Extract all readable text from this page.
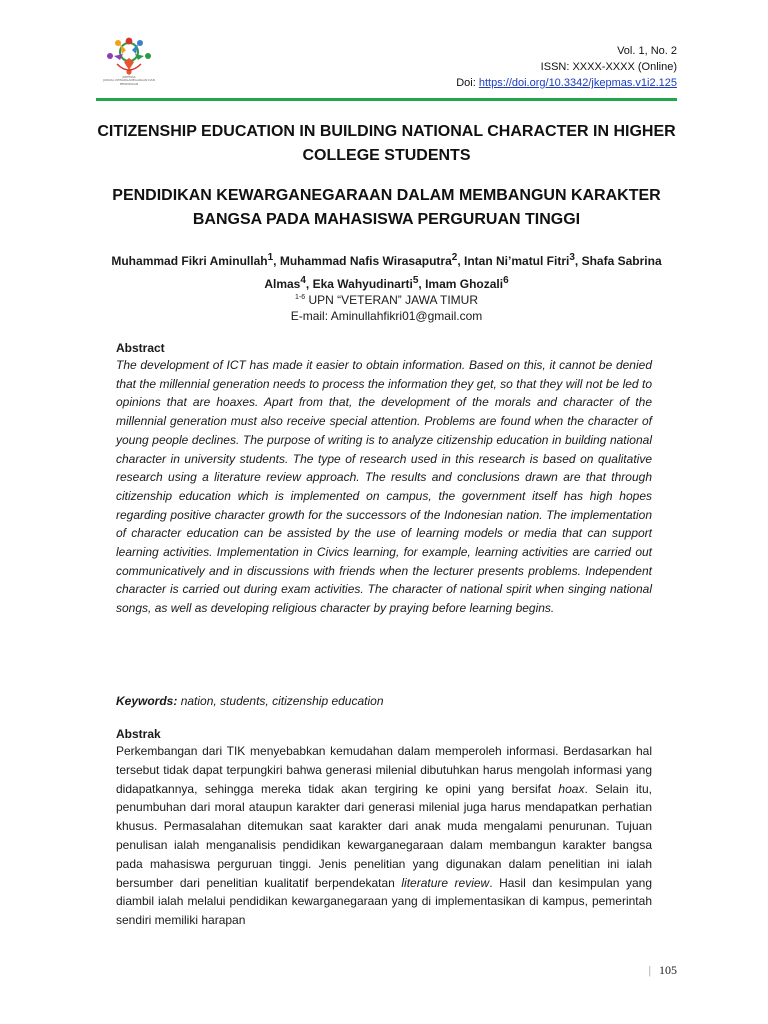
JKEPMAS
JURNAL KEWARGANEGARAAN DAN
PENDIDIKAN
Vol. 1, No. 2
ISSN: XXXX-XXXX (Online)
Doi: https://doi.org/10.3342/jkepmas.v1i2.125
CITIZENSHIP EDUCATION IN BUILDING NATIONAL CHARACTER IN HIGHER COLLEGE STUDENTS
PENDIDIKAN KEWARGANEGARAAN DALAM MEMBANGUN KARAKTER BANGSA PADA MAHASISWA PERGURUAN TINGGI
Muhammad Fikri Aminullah$^1$, Muhammad Nafis Wirasaputra$^2$, Intan Ni’matul Fitri$^3$, Shafa Sabrina Almas$^4$, Eka Wahyudinarti$^5$, Imam Ghozali$^6$
$^{1-6}$ UPN “VETERAN” JAWA TIMUR
E-mail: Aminullahfikri01@gmail.com
Abstract
The development of ICT has made it easier to obtain information. Based on this, it cannot be denied that the millennial generation needs to process the information they get, so that they will not be led to opinions that are hoaxes. Apart from that, the development of the morals and character of the millennial generation must also receive special attention. Problems are found when the character of young people declines. The purpose of writing is to analyze citizenship education in building national character in university students. The type of research used in this research is based on qualitative research using a literature review approach. The results and conclusions drawn are that through citizenship education which is implemented on campus, the government itself has high hopes regarding positive character growth for the successors of the Indonesian nation. The implementation of character education can be assisted by the use of learning models or media that can support learning activities. Implementation in Civics learning, for example, learning activities are carried out communicatively and in discussions with friends when the lecturer presents problems. Independent character is carried out during exam activities. The character of national spirit when singing national songs, as well as developing religious character by praying before learning begins.
Keywords: nation, students, citizenship education
Abstrak
Perkembangan dari TIK menyebabkan kemudahan dalam memperoleh informasi. Berdasarkan hal tersebut tidak dapat terpungkiri bahwa generasi milenial dibutuhkan harus mengolah informasi yang didapatkannya, sehingga mereka tidak akan tergiring ke opini yang bersifat hoax. Selain itu, penumbuhan dari moral ataupun karakter dari generasi milenial juga harus mendapatkan perhatian khusus. Permasalahan ditemukan saat karakter dari anak muda mengalami penurunan. Tujuan penulisan ialah menganalisis pendidikan kewarganegaraan dalam membangun karakter bangsa pada mahasiswa perguruan tinggi. Jenis penelitian yang digunakan dalam penelitian ini ialah bersumber dari penelitian kualitatif berpendekatan literature review. Hasil dan kesimpulan yang diambil ialah melalui pendidikan kewarganegaraan yang di implementasikan di kampus, pemerintah sendiri memiliki harapan
| 105
